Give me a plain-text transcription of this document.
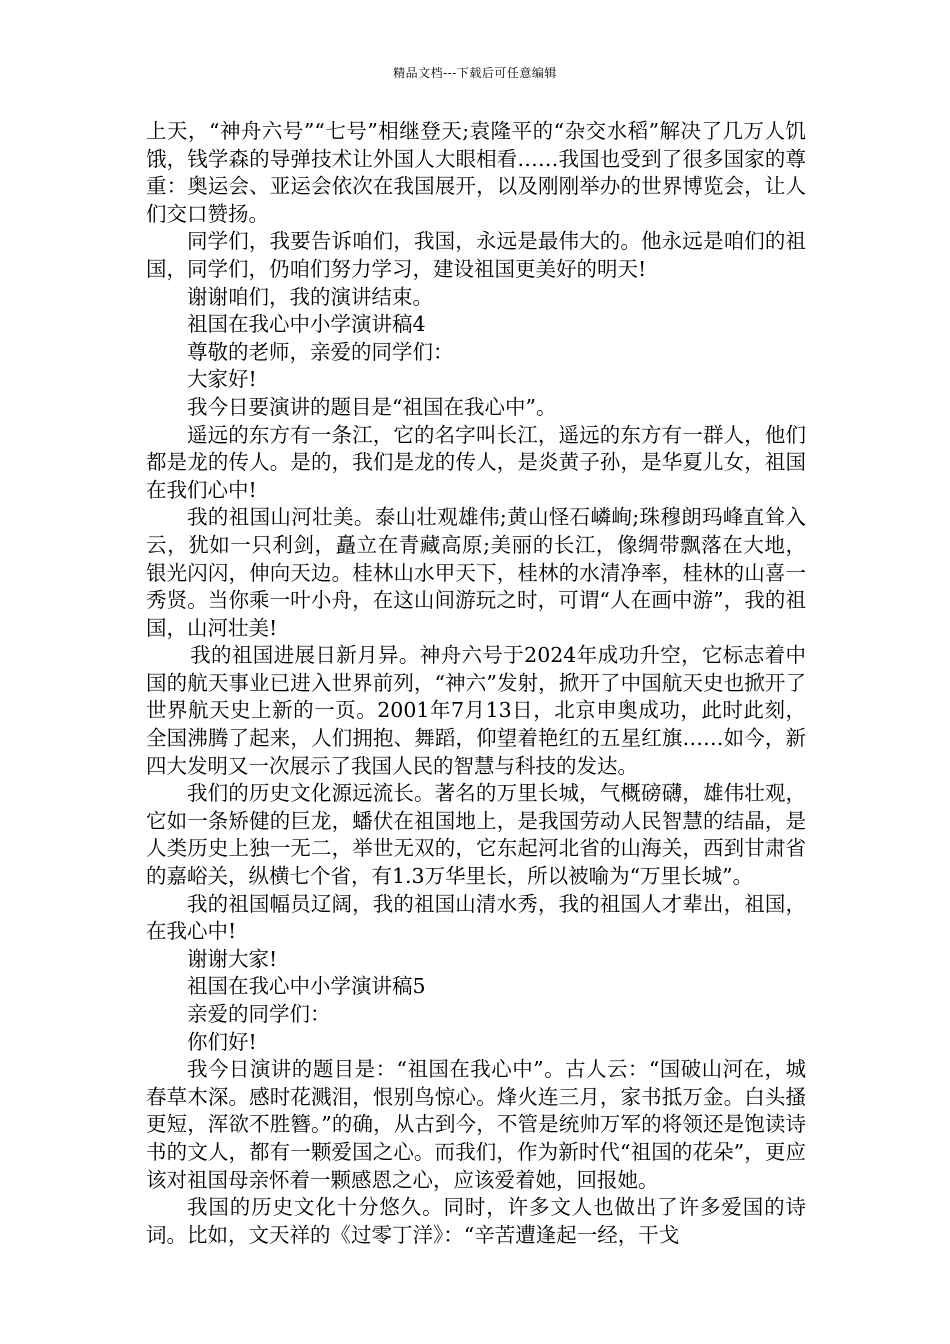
精品文档---下载后可任意编辑

上天，“神舟六号”“七号”相继登天;袁隆平的“杂交水稻”解决了几万人饥饿，钱学森的导弹技术让外国人大眼相看……我国也受到了很多国家的尊重：奥运会、亚运会依次在我国展开，以及刚刚举办的世界博览会，让人们交口赞扬。

同学们，我要告诉咱们，我国，永远是最伟大的。他永远是咱们的祖国，同学们，仍咱们努力学习，建设祖国更美好的明天!

谢谢咱们，我的演讲结束。

祖国在我心中小学演讲稿4

尊敬的老师，亲爱的同学们：

大家好!

我今日要演讲的题目是“祖国在我心中”。

遥远的东方有一条江，它的名字叫长江，遥远的东方有一群人，他们都是龙的传人。是的，我们是龙的传人，是炎黄子孙，是华夏儿女，祖国在我们心中!

我的祖国山河壮美。泰山壮观雄伟;黄山怪石嶙峋;珠穆朗玛峰直耸入云，犹如一只利剑，矗立在青藏高原;美丽的长江，像绸带飘落在大地，银光闪闪，伸向天边。桂林山水甲天下，桂林的水清净率，桂林的山喜一秀贤。当你乘一叶小舟，在这山间游玩之时，可谓“人在画中游”，我的祖国，山河壮美!

我的祖国进展日新月异。神舟六号于2024年成功升空，它标志着中国的航天事业已进入世界前列，“神六”发射，掀开了中国航天史也掀开了世界航天史上新的一页。2001年7月13日，北京申奥成功，此时此刻，全国沸腾了起来，人们拥抱、舞蹈，仰望着艳红的五星红旗……如今，新四大发明又一次展示了我国人民的智慧与科技的发达。

我们的历史文化源远流长。著名的万里长城，气概磅礴，雄伟壮观，它如一条矫健的巨龙，蟠伏在祖国地上，是我国劳动人民智慧的结晶，是人类历史上独一无二，举世无双的，它东起河北省的山海关，西到甘肃省的嘉峪关，纵横七个省，有1.3万华里长，所以被喻为“万里长城”。

我的祖国幅员辽阔，我的祖国山清水秀，我的祖国人才辈出，祖国，在我心中!

谢谢大家!

祖国在我心中小学演讲稿5

亲爱的同学们：

你们好!

我今日演讲的题目是：“祖国在我心中”。古人云：“国破山河在，城春草木深。感时花溅泪，恨别鸟惊心。烽火连三月，家书抵万金。白头搔更短，浑欲不胜簪。”的确，从古到今，不管是统帅万军的将领还是饱读诗书的文人，都有一颗爱国之心。而我们，作为新时代“祖国的花朵”，更应该对祖国母亲怀着一颗感恩之心，应该爱着她，回报她。

我国的历史文化十分悠久。同时，许多文人也做出了许多爱国的诗词。比如，文天祥的《过零丁洋》：“辛苦遭逢起一经，干戈
